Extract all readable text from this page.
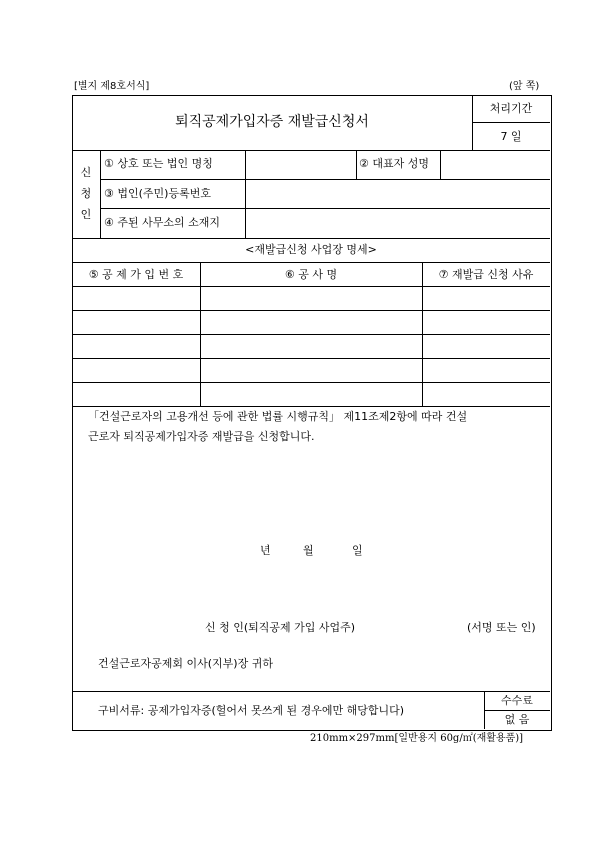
[별지 제8호서식]	(앞 쪽)
퇴직공제가입자증 재발급신청서
처리기간
7 일
신
청
인
① 상호 또는 법인 명칭	② 대표자 성명
③ 법인(주민)등록번호
④ 주된 사무소의 소재지
<재발급신청 사업장 명세>
⑤ 공 제 가 입 번 호	⑥ 공 사 명	⑦ 재발급 신청 사유
「건설근로자의 고용개선 등에 관한 법률 시행규칙」 제11조제2항에 따라 건설
근로자 퇴직공제가입자증 재발급을 신청합니다.
년	월	일
신 청 인(퇴직공제 가입 사업주)	(서명 또는 인)
건설근로자공제회 이사(지부)장 귀하
구비서류: 공제가입자증(헐어서 못쓰게 된 경우에만 해당합니다)
수수료
없 음
210mm×297mm[일반용지 60g/㎡(재활용품)]
